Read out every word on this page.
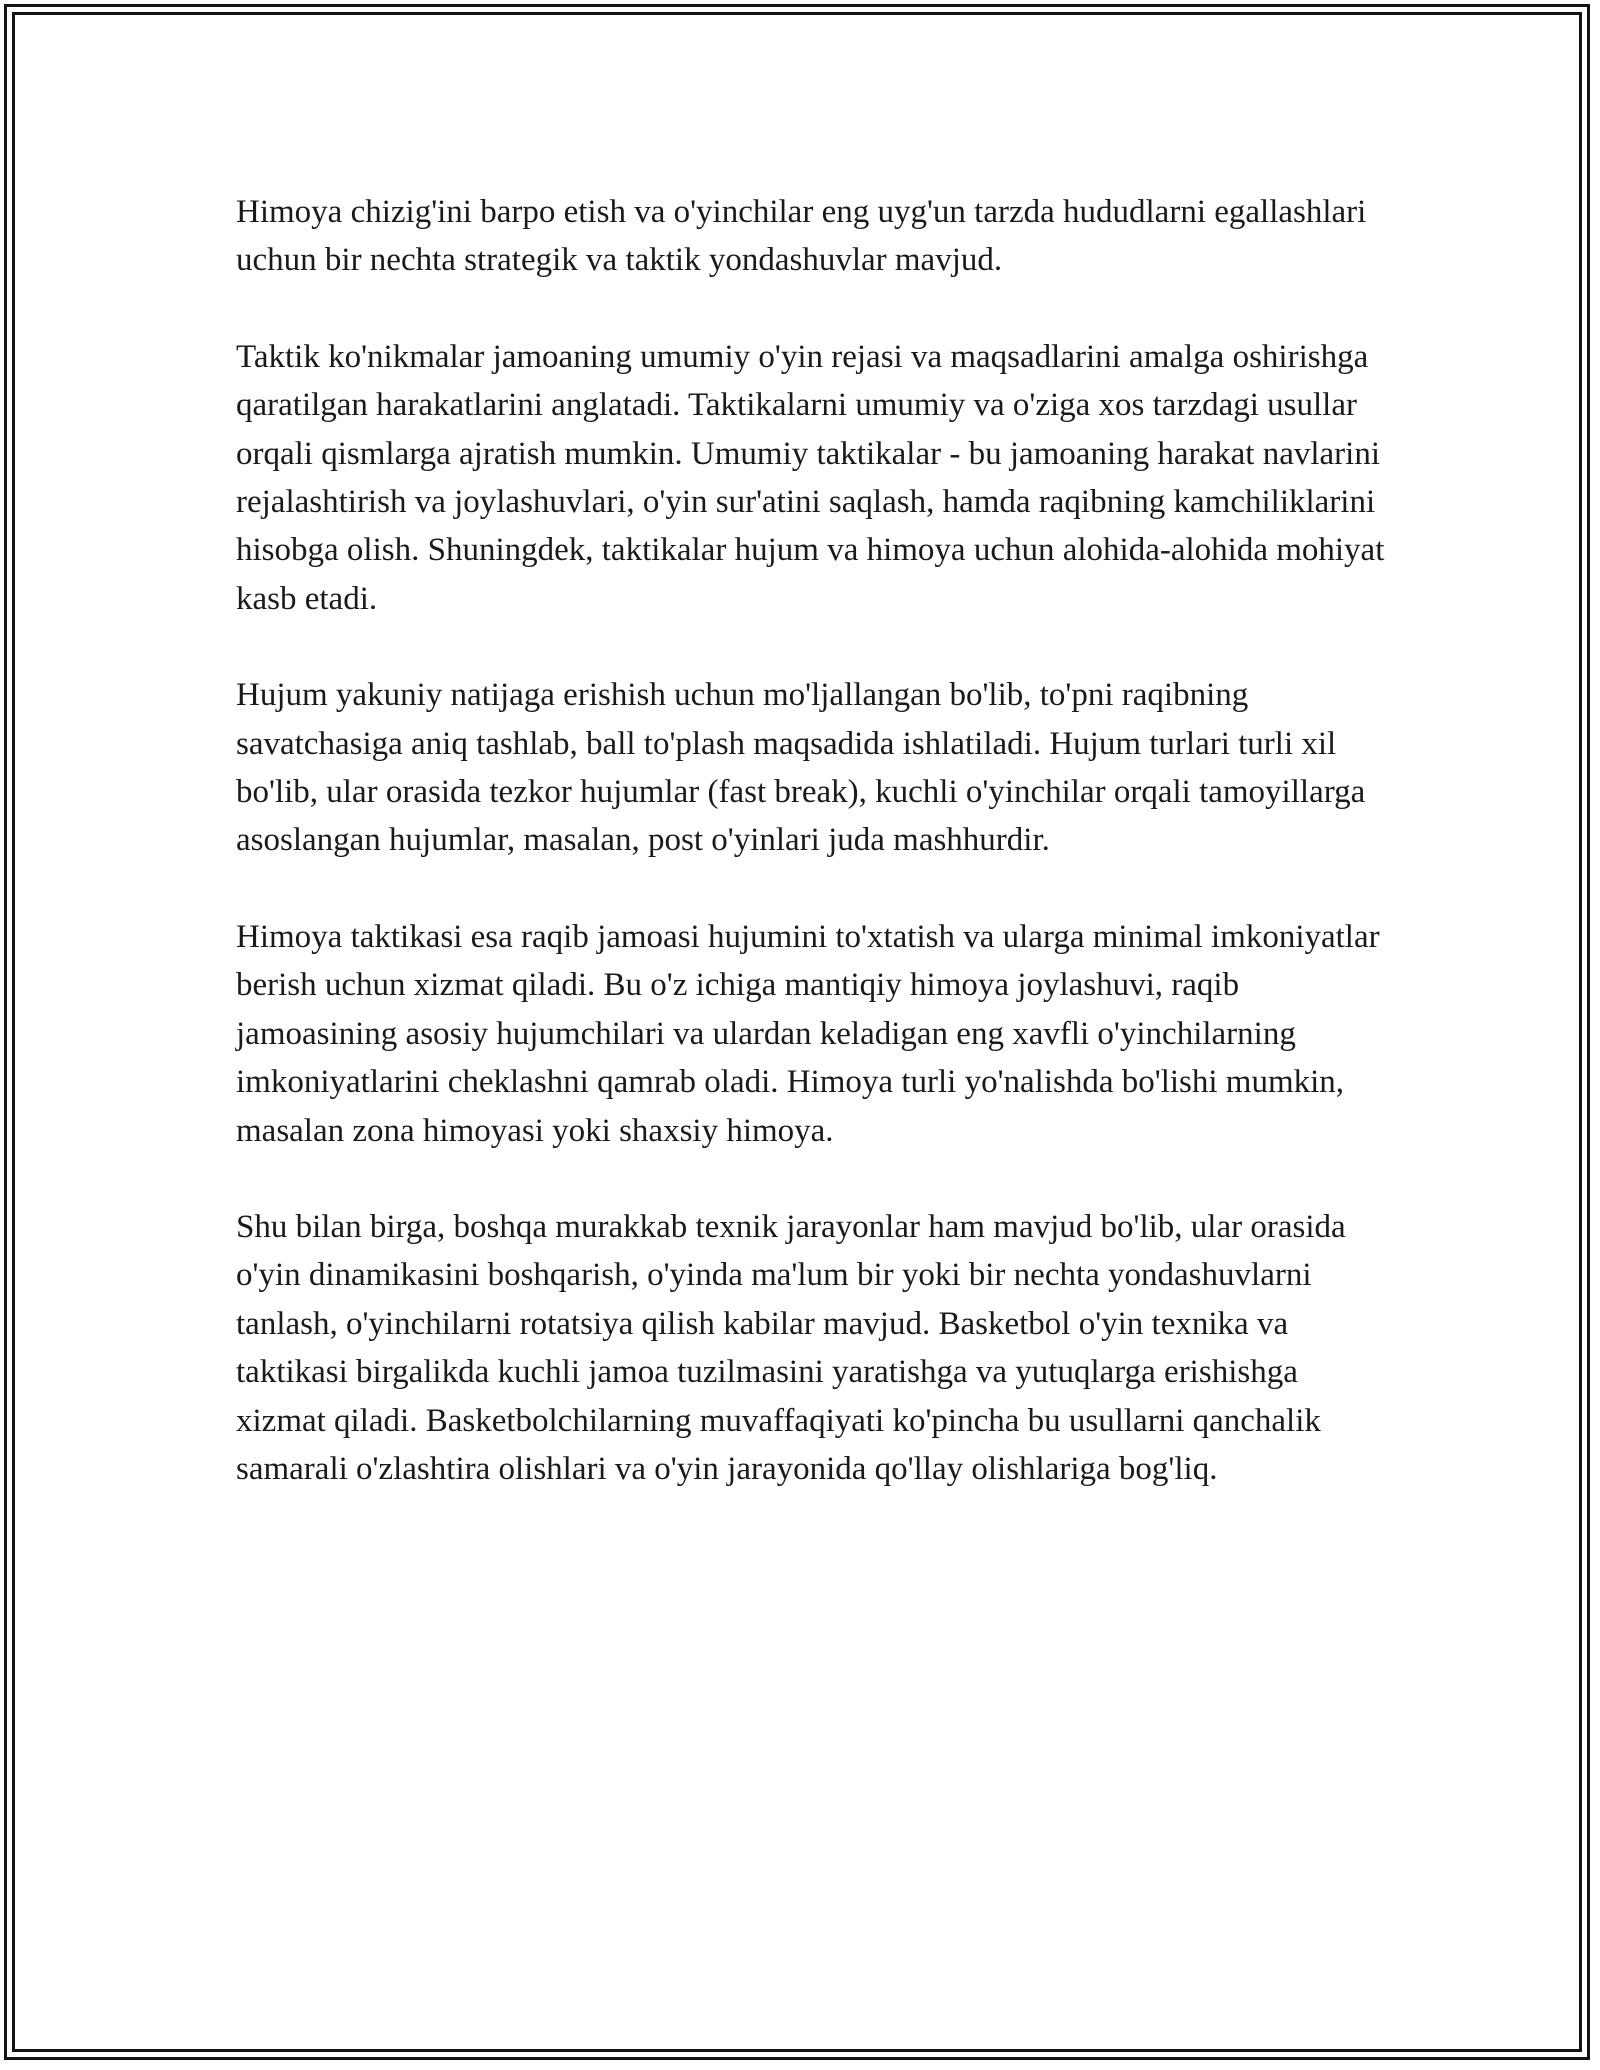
Himoya chizig'ini barpo etish va o'yinchilar eng uyg'un tarzda hududlarni egallashlari uchun bir nechta strategik va taktik yondashuvlar mavjud.

Taktik ko'nikmalar jamoaning umumiy o'yin rejasi va maqsadlarini amalga oshirishga qaratilgan harakatlarini anglatadi. Taktikalarni umumiy va o'ziga xos tarzdagi usullar orqali qismlarga ajratish mumkin. Umumiy taktikalar - bu jamoaning harakat navlarini rejalashtirish va joylashuvlari, o'yin sur'atini saqlash, hamda raqibning kamchiliklarini hisobga olish. Shuningdek, taktikalar hujum va himoya uchun alohida-alohida mohiyat kasb etadi.

Hujum yakuniy natijaga erishish uchun mo'ljallangan bo'lib, to'pni raqibning savatchasiga aniq tashlab, ball to'plash maqsadida ishlatiladi. Hujum turlari turli xil bo'lib, ular orasida tezkor hujumlar (fast break), kuchli o'yinchilar orqali tamoyillarga asoslangan hujumlar, masalan, post o'yinlari juda mashhurdir.

Himoya taktikasi esa raqib jamoasi hujumini to'xtatish va ularga minimal imkoniyatlar berish uchun xizmat qiladi. Bu o'z ichiga mantiqiy himoya joylashuvi, raqib jamoasining asosiy hujumchilari va ulardan keladigan eng xavfli o'yinchilarning imkoniyatlarini cheklashni qamrab oladi. Himoya turli yo'nalishda bo'lishi mumkin, masalan zona himoyasi yoki shaxsiy himoya.

Shu bilan birga, boshqa murakkab texnik jarayonlar ham mavjud bo'lib, ular orasida o'yin dinamikasini boshqarish, o'yinda ma'lum bir yoki bir nechta yondashuvlarni tanlash, o'yinchilarni rotatsiya qilish kabilar mavjud. Basketbol o'yin texnika va taktikasi birgalikda kuchli jamoa tuzilmasini yaratishga va yutuqlarga erishishga xizmat qiladi. Basketbolchilarning muvaffaqiyati ko'pincha bu usullarni qanchalik samarali o'zlashtira olishlari va o'yin jarayonida qo'llay olishlariga bog'liq.
